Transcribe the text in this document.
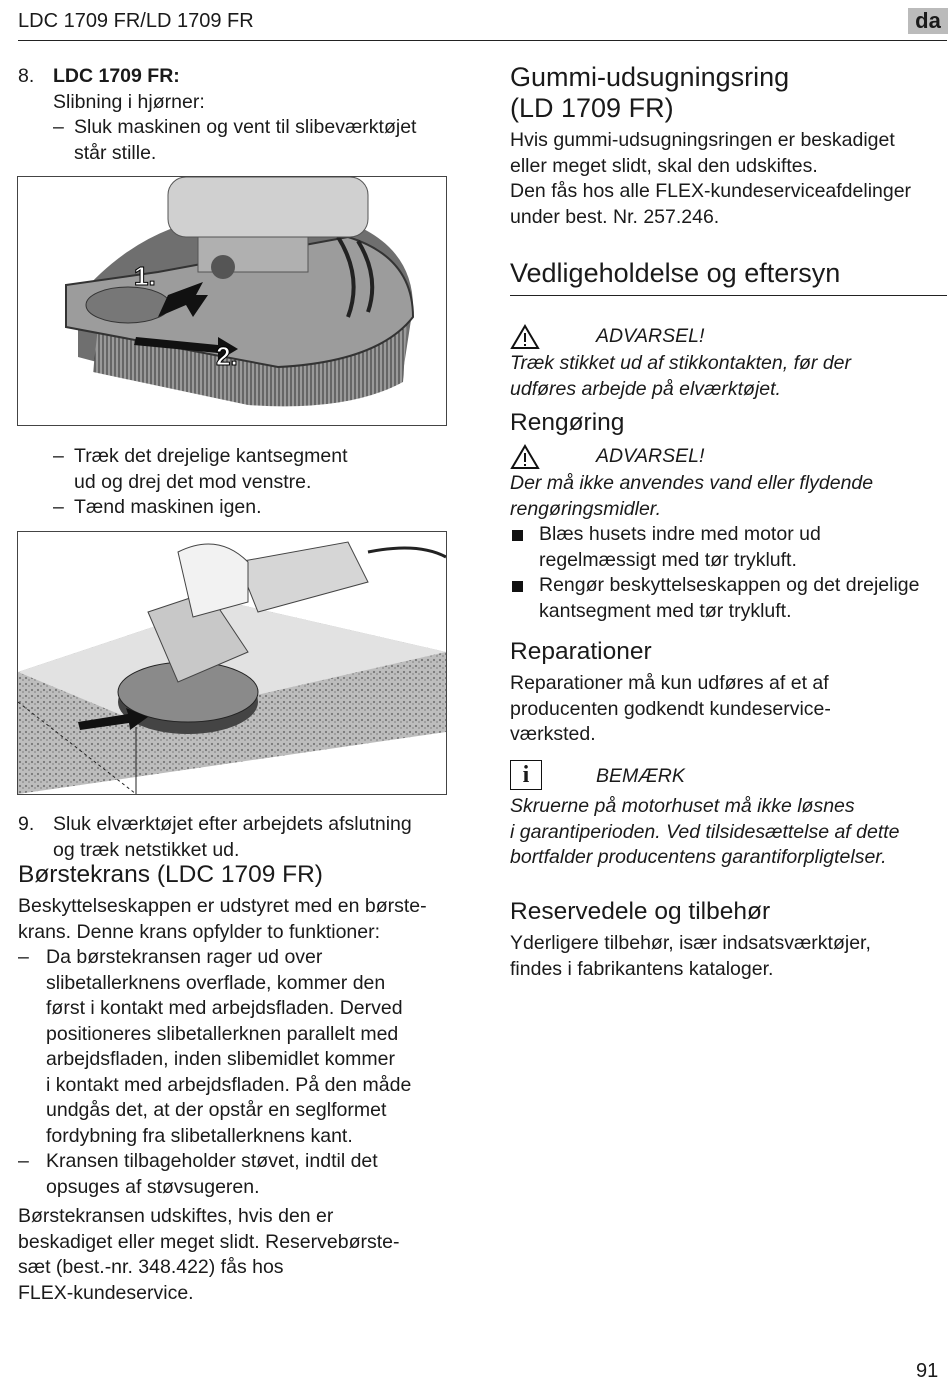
LDC 1709 FR/LD 1709 FR	da
8. LDC 1709 FR:

Slibning i hjørner:

– Sluk maskinen og vent til slibeværktøjet

står stille.

1.
2.
– Træk det drejelige kantsegment

ud og drej det mod venstre.

– Tænd maskinen igen.

9. Sluk elværktøjet efter arbejdets afslutning

og træk netstikket ud.

Børstekrans (LDC 1709 FR)

Beskyttelseskappen er udstyret med en børste-

krans. Denne krans opfylder to funktioner:

– Da børstekransen rager ud over

slibetallerknens overflade, kommer den

først i kontakt med arbejdsfladen. Derved

positioneres slibetallerknen parallelt med

arbejdsfladen, inden slibemidlet kommer

i kontakt med arbejdsfladen. På den måde

undgås det, at der opstår en seglformet

fordybning fra slibetallerknens kant.

– Kransen tilbageholder støvet, indtil det

opsuges af støvsugeren.

Børstekransen udskiftes, hvis den er

beskadiget eller meget slidt. Reservebørste-

sæt (best.-nr. 348.422) fås hos

FLEX-kundeservice.

Gummi-udsugningsring

(LD 1709 FR)

Hvis gummi-udsugningsringen er beskadiget

eller meget slidt, skal den udskiftes.

Den fås hos alle FLEX-kundeserviceafdelinger

under best. Nr. 257.246.

Vedligeholdelse og eftersyn

ADVARSEL!

Træk stikket ud af stikkontakten, før der

udføres arbejde på elværktøjet.

Rengøring

ADVARSEL!

Der må ikke anvendes vand eller flydende

rengøringsmidler.

Blæs husets indre med motor ud

regelmæssigt med tør trykluft.

Rengør beskyttelseskappen og det drejelige

kantsegment med tør trykluft.

Reparationer

Reparationer må kun udføres af et af

producenten godkendt kundeservice-

værksted.

i	BEMÆRK

Skruerne på motorhuset må ikke løsnes

i garantiperioden. Ved tilsidesættelse af dette

bortfalder producentens garantiforpligtelser.

Reservedele og tilbehør

Yderligere tilbehør, især indsatsværktøjer,

findes i fabrikantens kataloger.

91
